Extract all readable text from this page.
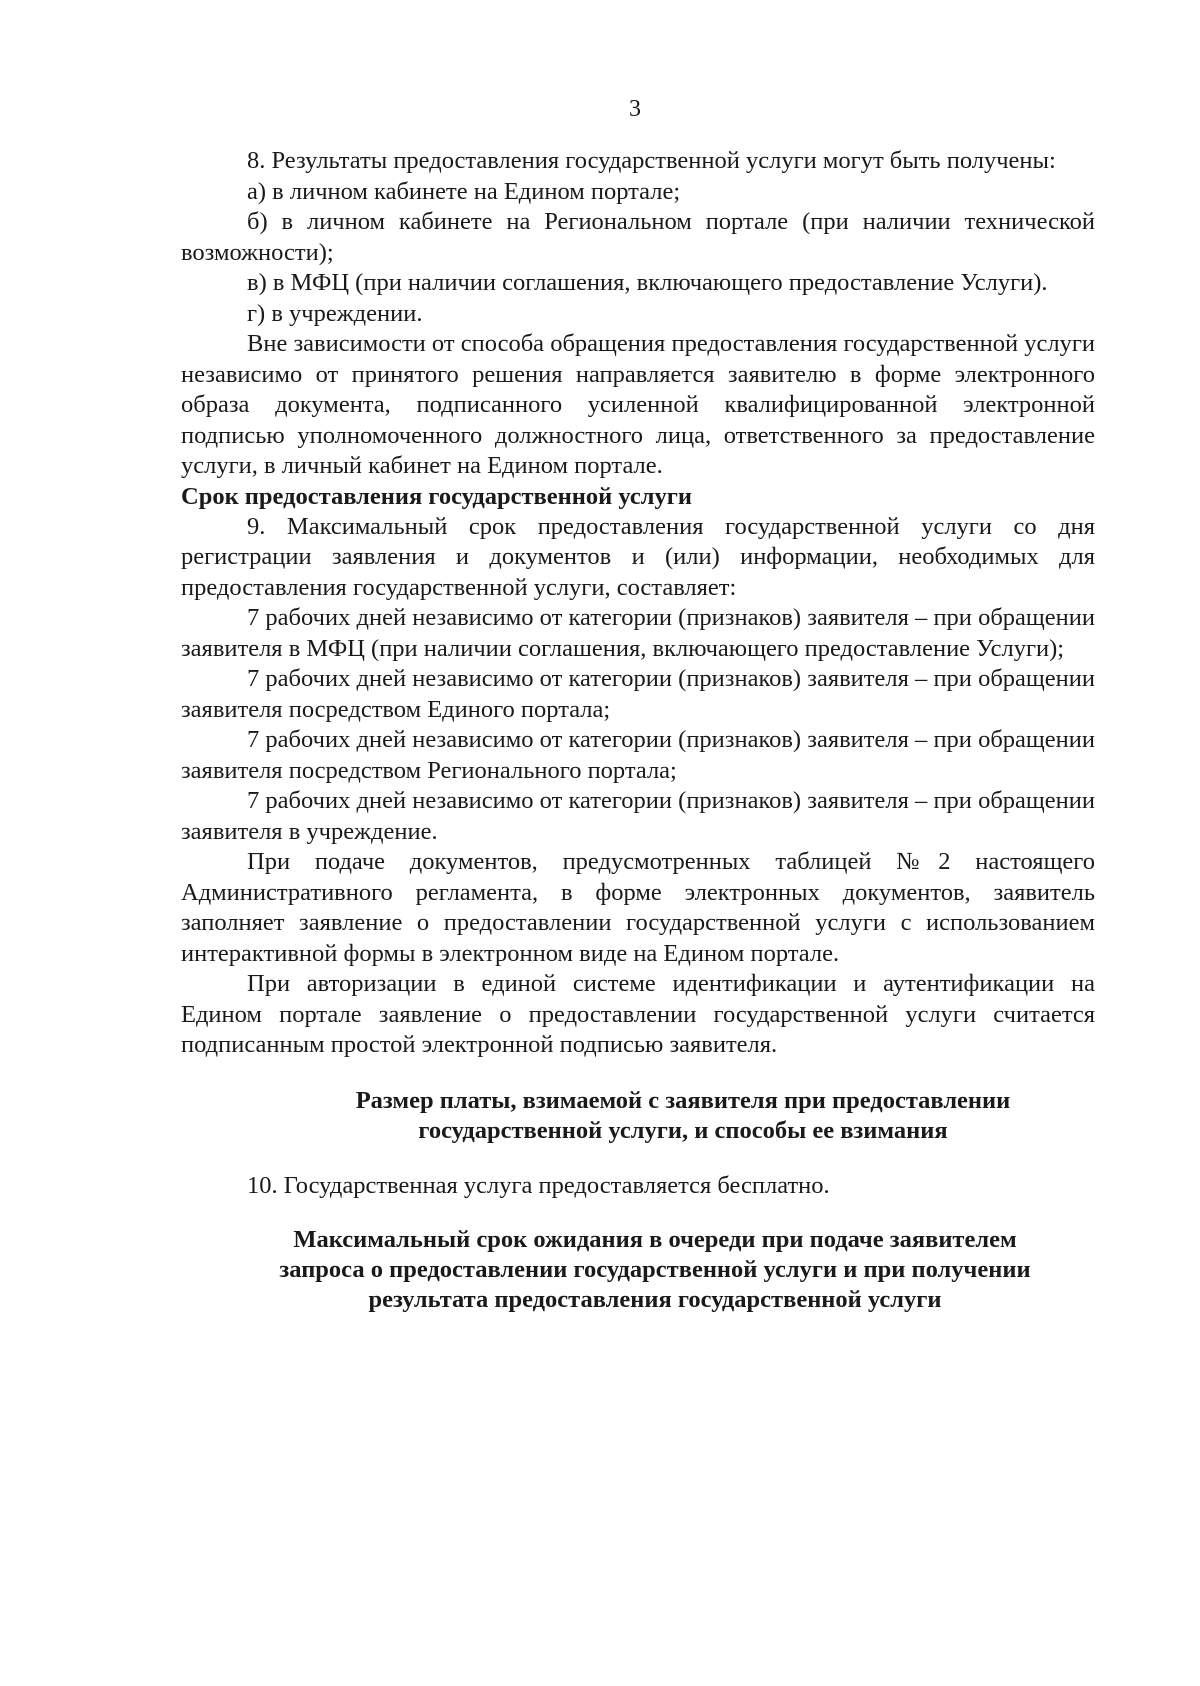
3

8. Результаты предоставления государственной услуги могут быть получены:

а) в личном кабинете на Едином портале;

б) в личном кабинете на Региональном портале (при наличии технической возможности);

в) в МФЦ (при наличии соглашения, включающего предоставление Услуги).

г) в учреждении.

Вне зависимости от способа обращения предоставления государственной услуги независимо от принятого решения направляется заявителю в форме электронного образа документа, подписанного усиленной квалифицированной электронной подписью уполномоченного должностного лица, ответственного за предоставление услуги, в личный кабинет на Едином портале.

Срок предоставления государственной услуги

9. Максимальный срок предоставления государственной услуги со дня регистрации заявления и документов и (или) информации, необходимых для предоставления государственной услуги, составляет:

7 рабочих дней независимо от категории (признаков) заявителя – при обращении заявителя в МФЦ (при наличии соглашения, включающего предоставление Услуги);

7 рабочих дней независимо от категории (признаков) заявителя – при обращении заявителя посредством Единого портала;

7 рабочих дней независимо от категории (признаков) заявителя – при обращении заявителя посредством Регионального портала;

7 рабочих дней независимо от категории (признаков) заявителя – при обращении заявителя в учреждение.

При подаче документов, предусмотренных таблицей №2 настоящего Административного регламента, в форме электронных документов, заявитель заполняет заявление о предоставлении государственной услуги с использованием интерактивной формы в электронном виде на Едином портале.

При авторизации в единой системе идентификации и аутентификации на Едином портале заявление о предоставлении государственной услуги считается подписанным простой электронной подписью заявителя.

Размер платы, взимаемой с заявителя при предоставлении
государственной услуги, и способы ее взимания

10. Государственная услуга предоставляется бесплатно.

Максимальный срок ожидания в очереди при подаче заявителем
запроса о предоставлении государственной услуги и при получении
результата предоставления государственной услуги
